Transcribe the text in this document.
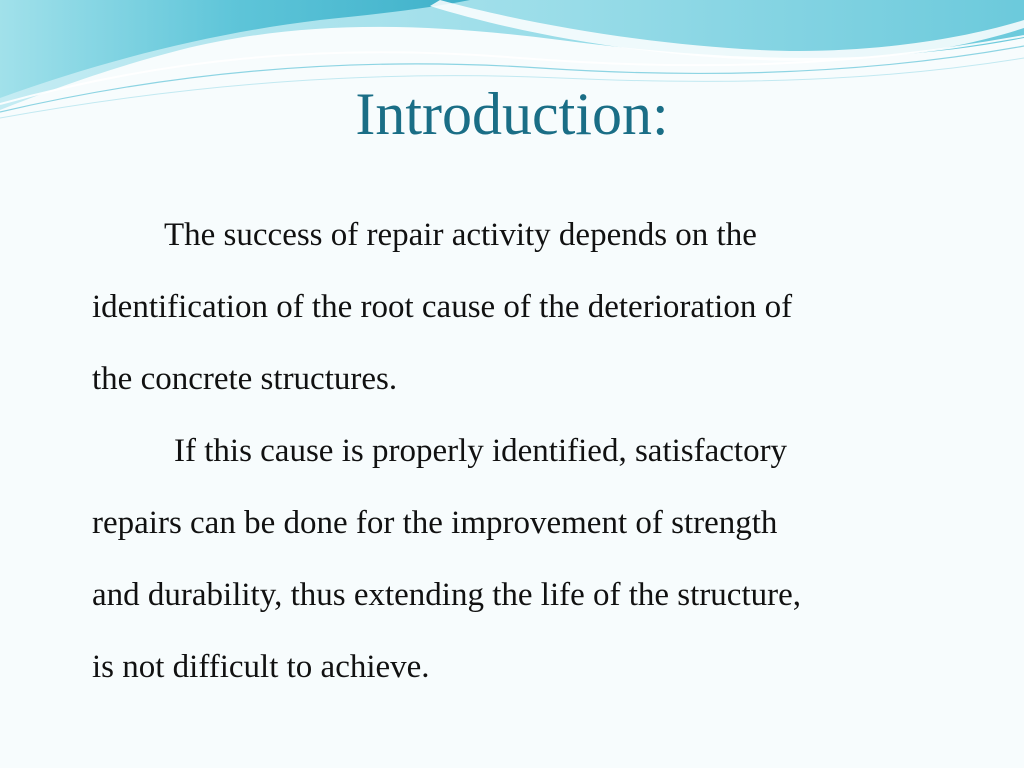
Introduction:

The success of repair activity depends on the
identification of the root cause of the deterioration of
the concrete structures.

If this cause is properly identified, satisfactory
repairs can be done for the improvement of strength
and durability, thus extending the life of the structure,
is not difficult to achieve.
